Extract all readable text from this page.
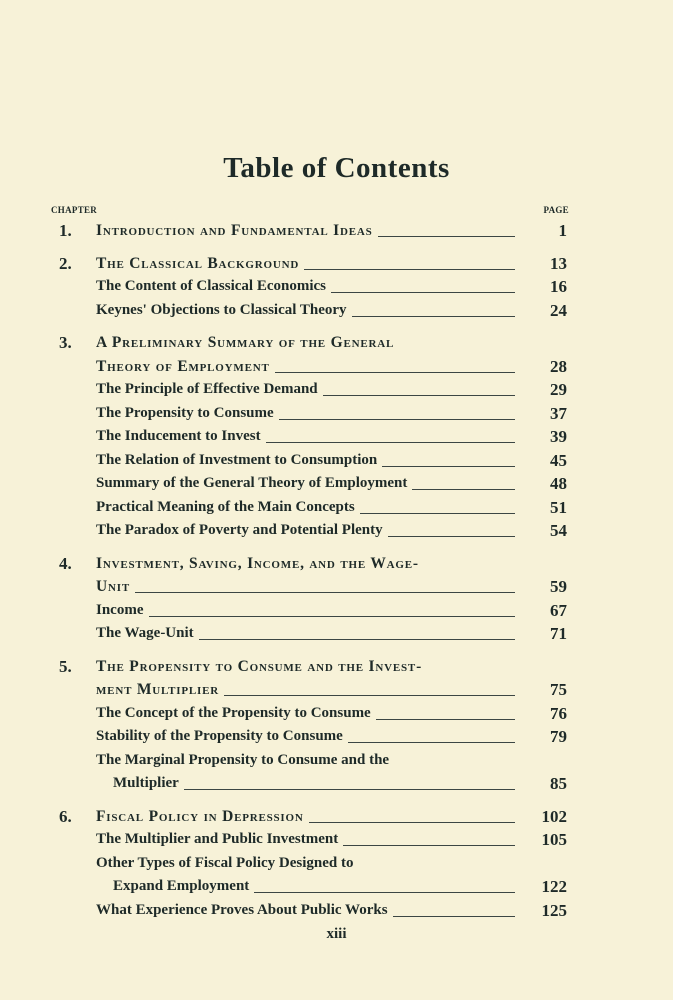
Table of Contents
CHAPTER	PAGE
1. Introduction and Fundamental Ideas	1
2. The Classical Background	13
The Content of Classical Economics	16
Keynes' Objections to Classical Theory	24
3. A Preliminary Summary of the General
Theory of Employment	28
The Principle of Effective Demand	29
The Propensity to Consume	37
The Inducement to Invest	39
The Relation of Investment to Consumption	45
Summary of the General Theory of Employment	48
Practical Meaning of the Main Concepts	51
The Paradox of Poverty and Potential Plenty	54
4. Investment, Saving, Income, and the Wage-
Unit	59
Income	67
The Wage-Unit	71
5. The Propensity to Consume and the Invest-
ment Multiplier	75
The Concept of the Propensity to Consume	76
Stability of the Propensity to Consume	79
The Marginal Propensity to Consume and the
Multiplier	85
6. Fiscal Policy in Depression	102
The Multiplier and Public Investment	105
Other Types of Fiscal Policy Designed to
Expand Employment	122
What Experience Proves About Public Works	125
xiii
